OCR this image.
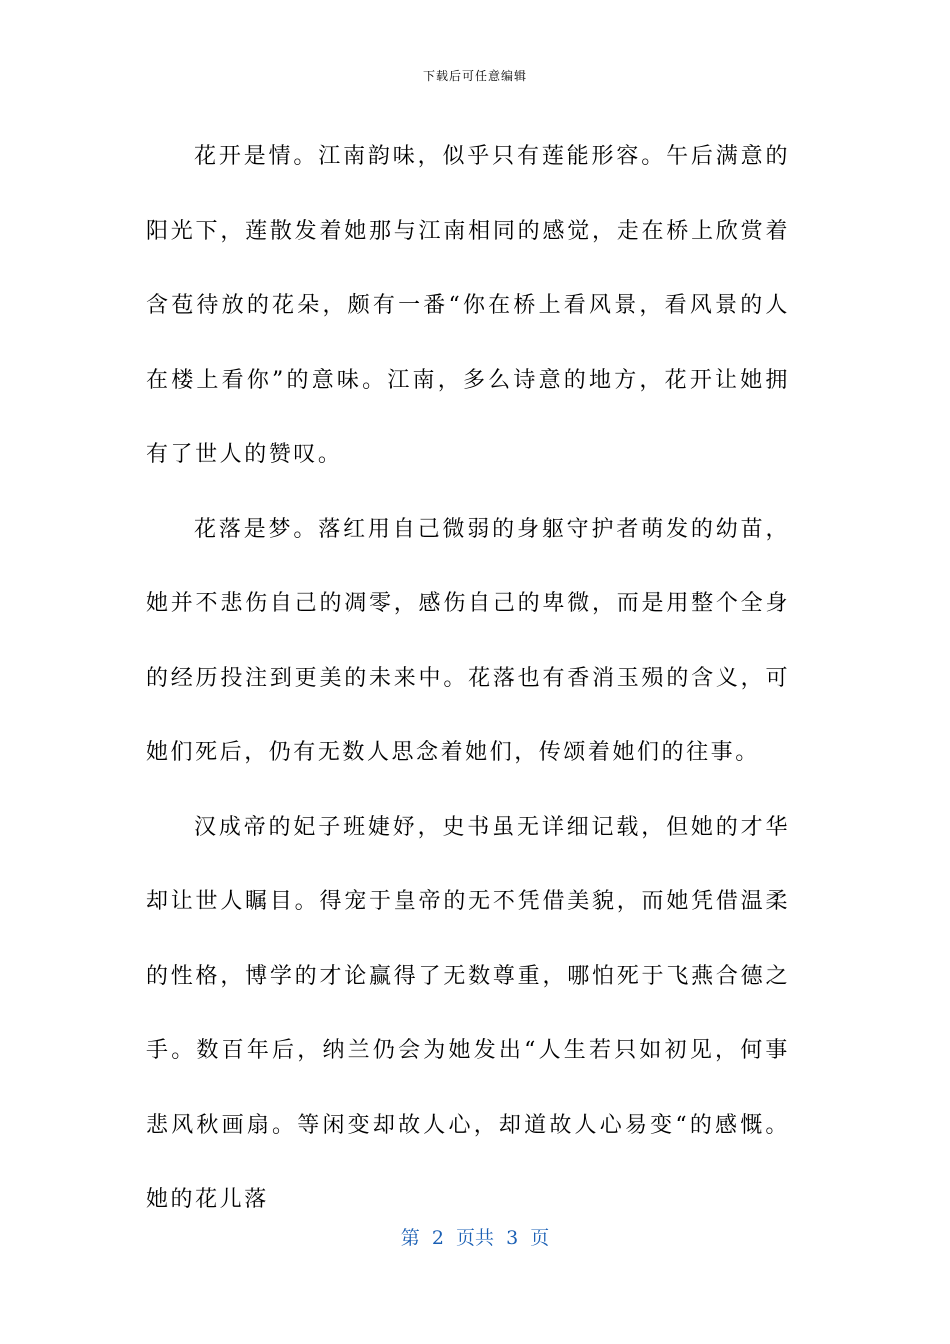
下载后可任意编辑

花开是情。江南韵味，似乎只有莲能形容。午后满意的阳光下，莲散发着她那与江南相同的感觉，走在桥上欣赏着含苞待放的花朵，颇有一番“你在桥上看风景，看风景的人在楼上看你”的意味。江南，多么诗意的地方，花开让她拥有了世人的赞叹。

花落是梦。落红用自己微弱的身躯守护者萌发的幼苗，她并不悲伤自己的凋零，感伤自己的卑微，而是用整个全身的经历投注到更美的未来中。花落也有香消玉殒的含义，可她们死后，仍有无数人思念着她们，传颂着她们的往事。

汉成帝的妃子班婕妤，史书虽无详细记载，但她的才华却让世人瞩目。得宠于皇帝的无不凭借美貌，而她凭借温柔的性格，博学的才论赢得了无数尊重，哪怕死于飞燕合德之手。数百年后，纳兰仍会为她发出“人生若只如初见，何事悲风秋画扇。等闲变却故人心，却道故人心易变“的感慨。她的花儿落

第  2  页共  3  页
